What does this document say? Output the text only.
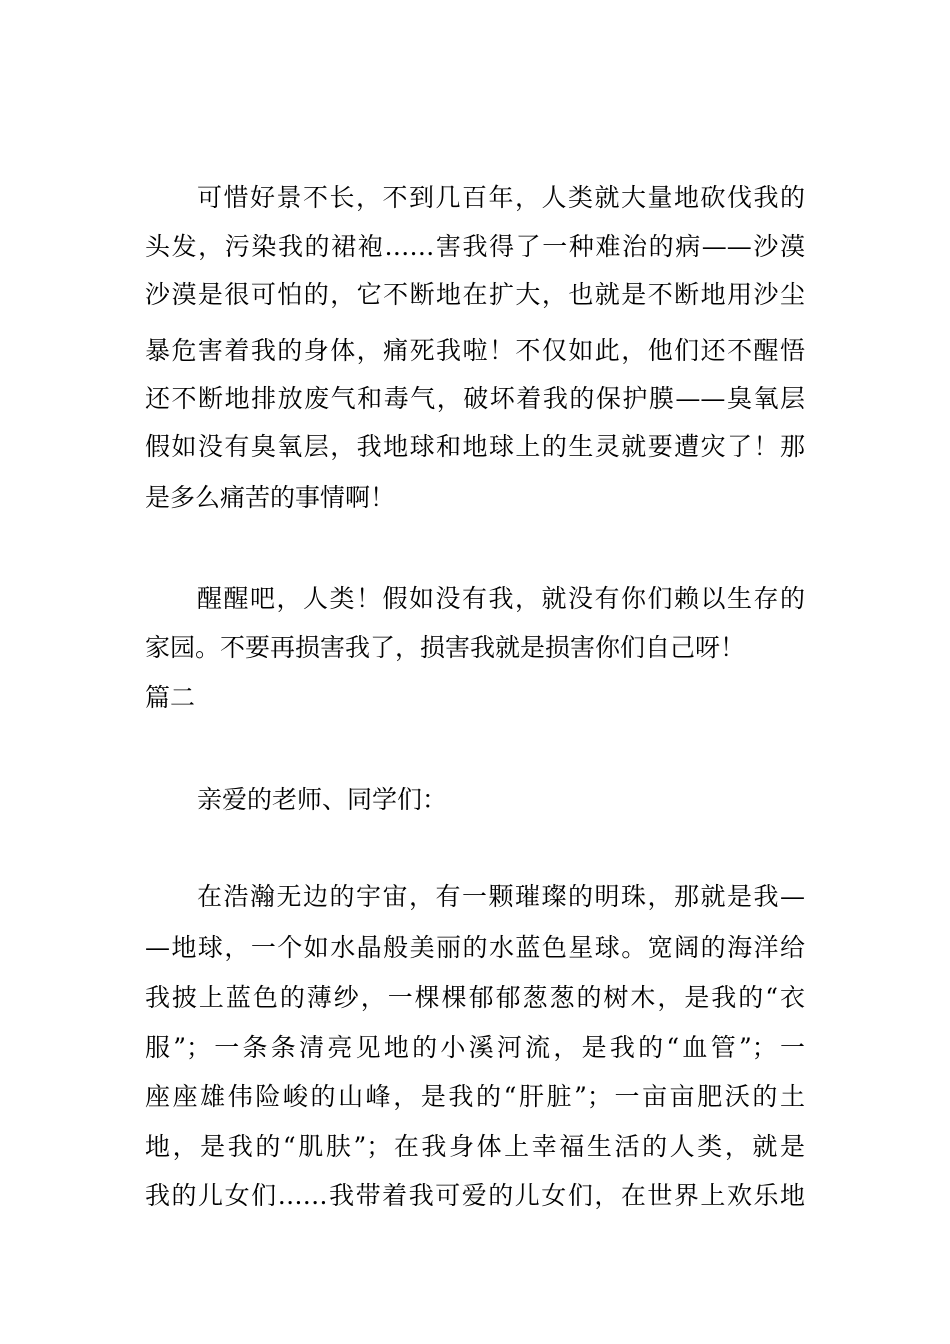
可惜好景不长，不到几百年，人类就大量地砍伐我的
头发，污染我的裙袍……害我得了一种难治的病——沙漠
沙漠是很可怕的，它不断地在扩大，也就是不断地用沙尘
暴危害着我的身体，痛死我啦！不仅如此，他们还不醒悟
还不断地排放废气和毒气，破坏着我的保护膜——臭氧层
假如没有臭氧层，我地球和地球上的生灵就要遭灾了！那
是多么痛苦的事情啊！
醒醒吧，人类！假如没有我，就没有你们赖以生存的
家园。不要再损害我了，损害我就是损害你们自己呀！
篇二
亲爱的老师、同学们：
在浩瀚无边的宇宙，有一颗璀璨的明珠，那就是我—
—地球，一个如水晶般美丽的水蓝色星球。宽阔的海洋给
我披上蓝色的薄纱，一棵棵郁郁葱葱的树木，是我的“衣
服”；一条条清亮见地的小溪河流，是我的“血管”；一
座座雄伟险峻的山峰，是我的“肝脏”；一亩亩肥沃的土
地，是我的“肌肤”；在我身体上幸福生活的人类，就是
我的儿女们……我带着我可爱的儿女们，在世界上欢乐地
